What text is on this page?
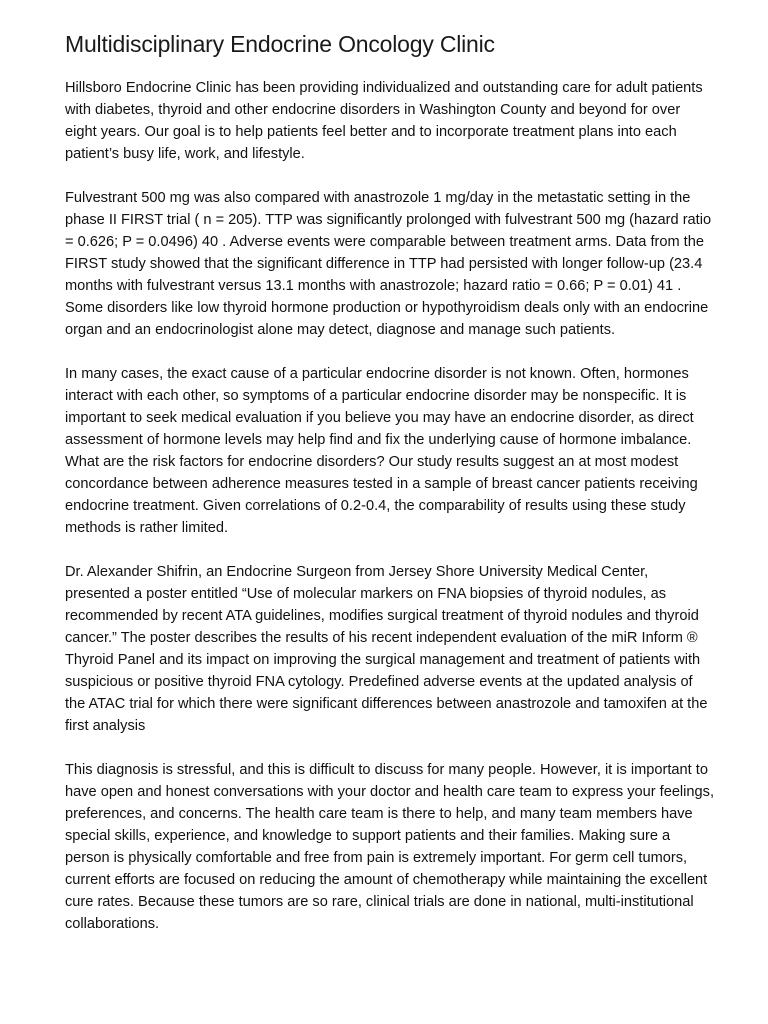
Multidisciplinary Endocrine Oncology Clinic

Hillsboro Endocrine Clinic has been providing individualized and outstanding care for adult patients with diabetes, thyroid and other endocrine disorders in Washington County and beyond for over eight years. Our goal is to help patients feel better and to incorporate treatment plans into each patient’s busy life, work, and lifestyle.

Fulvestrant 500 mg was also compared with anastrozole 1 mg/day in the metastatic setting in the phase II FIRST trial ( n = 205). TTP was significantly prolonged with fulvestrant 500 mg (hazard ratio = 0.626; P = 0.0496) 40 . Adverse events were comparable between treatment arms. Data from the FIRST study showed that the significant difference in TTP had persisted with longer follow-up (23.4 months with fulvestrant versus 13.1 months with anastrozole; hazard ratio = 0.66; P = 0.01) 41 . Some disorders like low thyroid hormone production or hypothyroidism deals only with an endocrine organ and an endocrinologist alone may detect, diagnose and manage such patients.

In many cases, the exact cause of a particular endocrine disorder is not known. Often, hormones interact with each other, so symptoms of a particular endocrine disorder may be nonspecific. It is important to seek medical evaluation if you believe you may have an endocrine disorder, as direct assessment of hormone levels may help find and fix the underlying cause of hormone imbalance. What are the risk factors for endocrine disorders? Our study results suggest an at most modest concordance between adherence measures tested in a sample of breast cancer patients receiving endocrine treatment. Given correlations of 0.2-0.4, the comparability of results using these study methods is rather limited.

Dr. Alexander Shifrin, an Endocrine Surgeon from Jersey Shore University Medical Center, presented a poster entitled “Use of molecular markers on FNA biopsies of thyroid nodules, as recommended by recent ATA guidelines, modifies surgical treatment of thyroid nodules and thyroid cancer.” The poster describes the results of his recent independent evaluation of the miR Inform ® Thyroid Panel and its impact on improving the surgical management and treatment of patients with suspicious or positive thyroid FNA cytology. Predefined adverse events at the updated analysis of the ATAC trial for which there were significant differences between anastrozole and tamoxifen at the first analysis

This diagnosis is stressful, and this is difficult to discuss for many people. However, it is important to have open and honest conversations with your doctor and health care team to express your feelings, preferences, and concerns. The health care team is there to help, and many team members have special skills, experience, and knowledge to support patients and their families. Making sure a person is physically comfortable and free from pain is extremely important. For germ cell tumors, current efforts are focused on reducing the amount of chemotherapy while maintaining the excellent cure rates. Because these tumors are so rare, clinical trials are done in national, multi-institutional collaborations.
